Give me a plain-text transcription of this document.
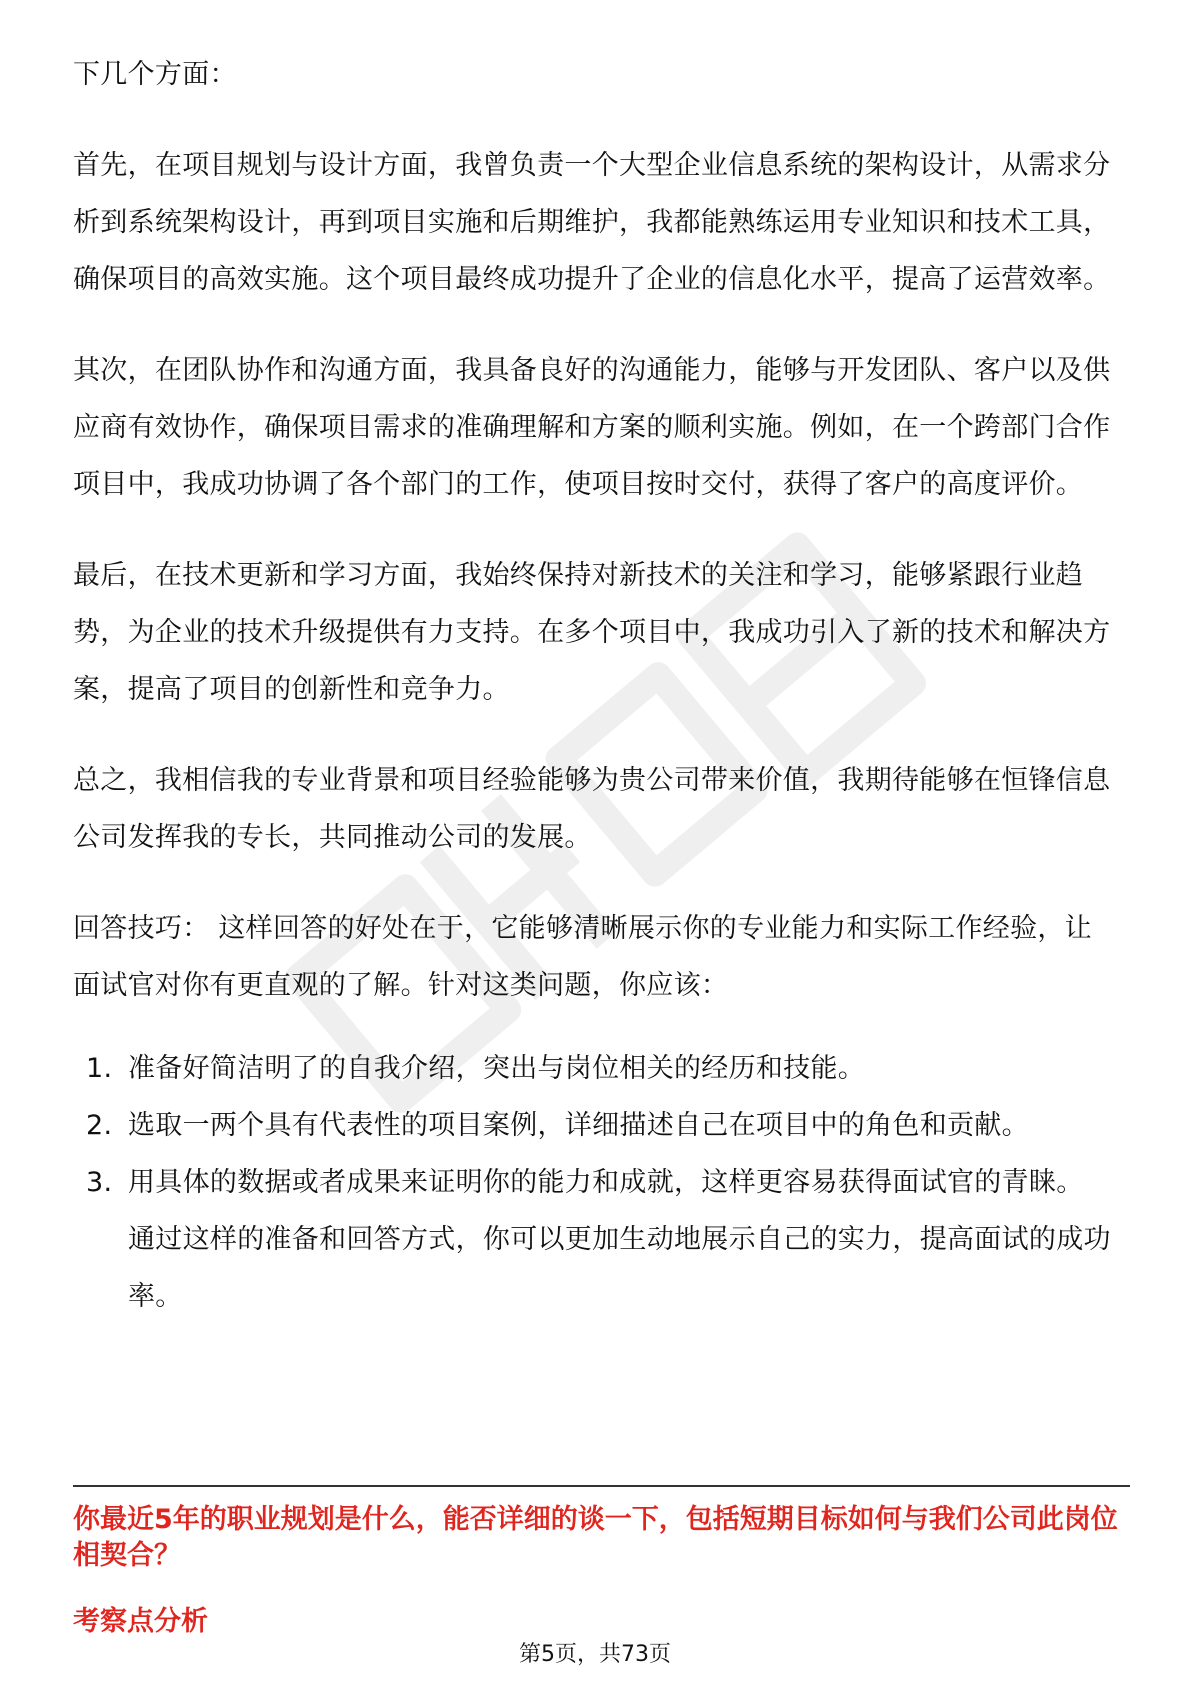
下几个方面：

首先，在项目规划与设计方面，我曾负责一个大型企业信息系统的架构设计，从需求分析到系统架构设计，再到项目实施和后期维护，我都能熟练运用专业知识和技术工具，确保项目的高效实施。这个项目最终成功提升了企业的信息化水平，提高了运营效率。

其次，在团队协作和沟通方面，我具备良好的沟通能力，能够与开发团队、客户以及供应商有效协作，确保项目需求的准确理解和方案的顺利实施。例如，在一个跨部门合作项目中，我成功协调了各个部门的工作，使项目按时交付，获得了客户的高度评价。

最后，在技术更新和学习方面，我始终保持对新技术的关注和学习，能够紧跟行业趋势，为企业的技术升级提供有力支持。在多个项目中，我成功引入了新的技术和解决方案，提高了项目的创新性和竞争力。

总之，我相信我的专业背景和项目经验能够为贵公司带来价值，我期待能够在恒锋信息公司发挥我的专长，共同推动公司的发展。

回答技巧： 这样回答的好处在于，它能够清晰展示你的专业能力和实际工作经验，让面试官对你有更直观的了解。针对这类问题，你应该：

1. 准备好简洁明了的自我介绍，突出与岗位相关的经历和技能。
2. 选取一两个具有代表性的项目案例，详细描述自己在项目中的角色和贡献。
3. 用具体的数据或者成果来证明你的能力和成就，这样更容易获得面试官的青睐。 通过这样的准备和回答方式，你可以更加生动地展示自己的实力，提高面试的成功率。
你最近5年的职业规划是什么，能否详细的谈一下，包括短期目标如何与我们公司此岗位相契合？
考察点分析
第5页，共73页
